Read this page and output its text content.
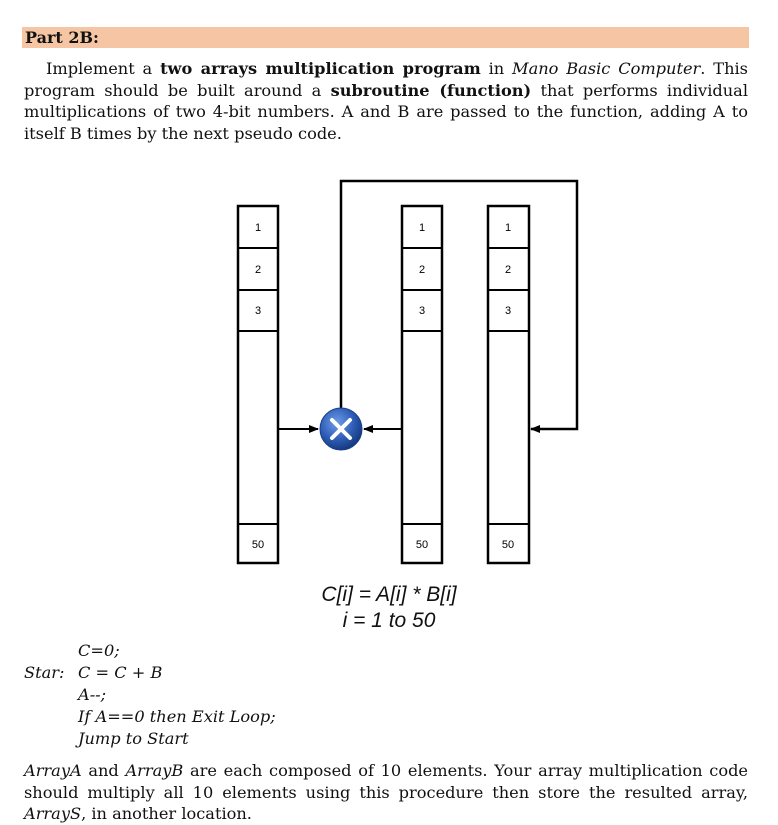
Part 2B:

Implement a two arrays multiplication program in Mano Basic Computer. This program should be built around a subroutine (function) that performs individual multiplications of two 4-bit numbers. A and B are passed to the function, adding A to itself B times by the next pseudo code.

1
2
3
50
1
2
3
50
1
2
3
50
C[i] = A[i] * B[i]
i = 1 to 50

C=0;

Star: C = C + B

A--;

If A==0 then Exit Loop;

Jump to Start

ArrayA and ArrayB are each composed of 10 elements. Your array multiplication code should multiply all 10 elements using this procedure then store the resulted array, ArrayS, in another location.
